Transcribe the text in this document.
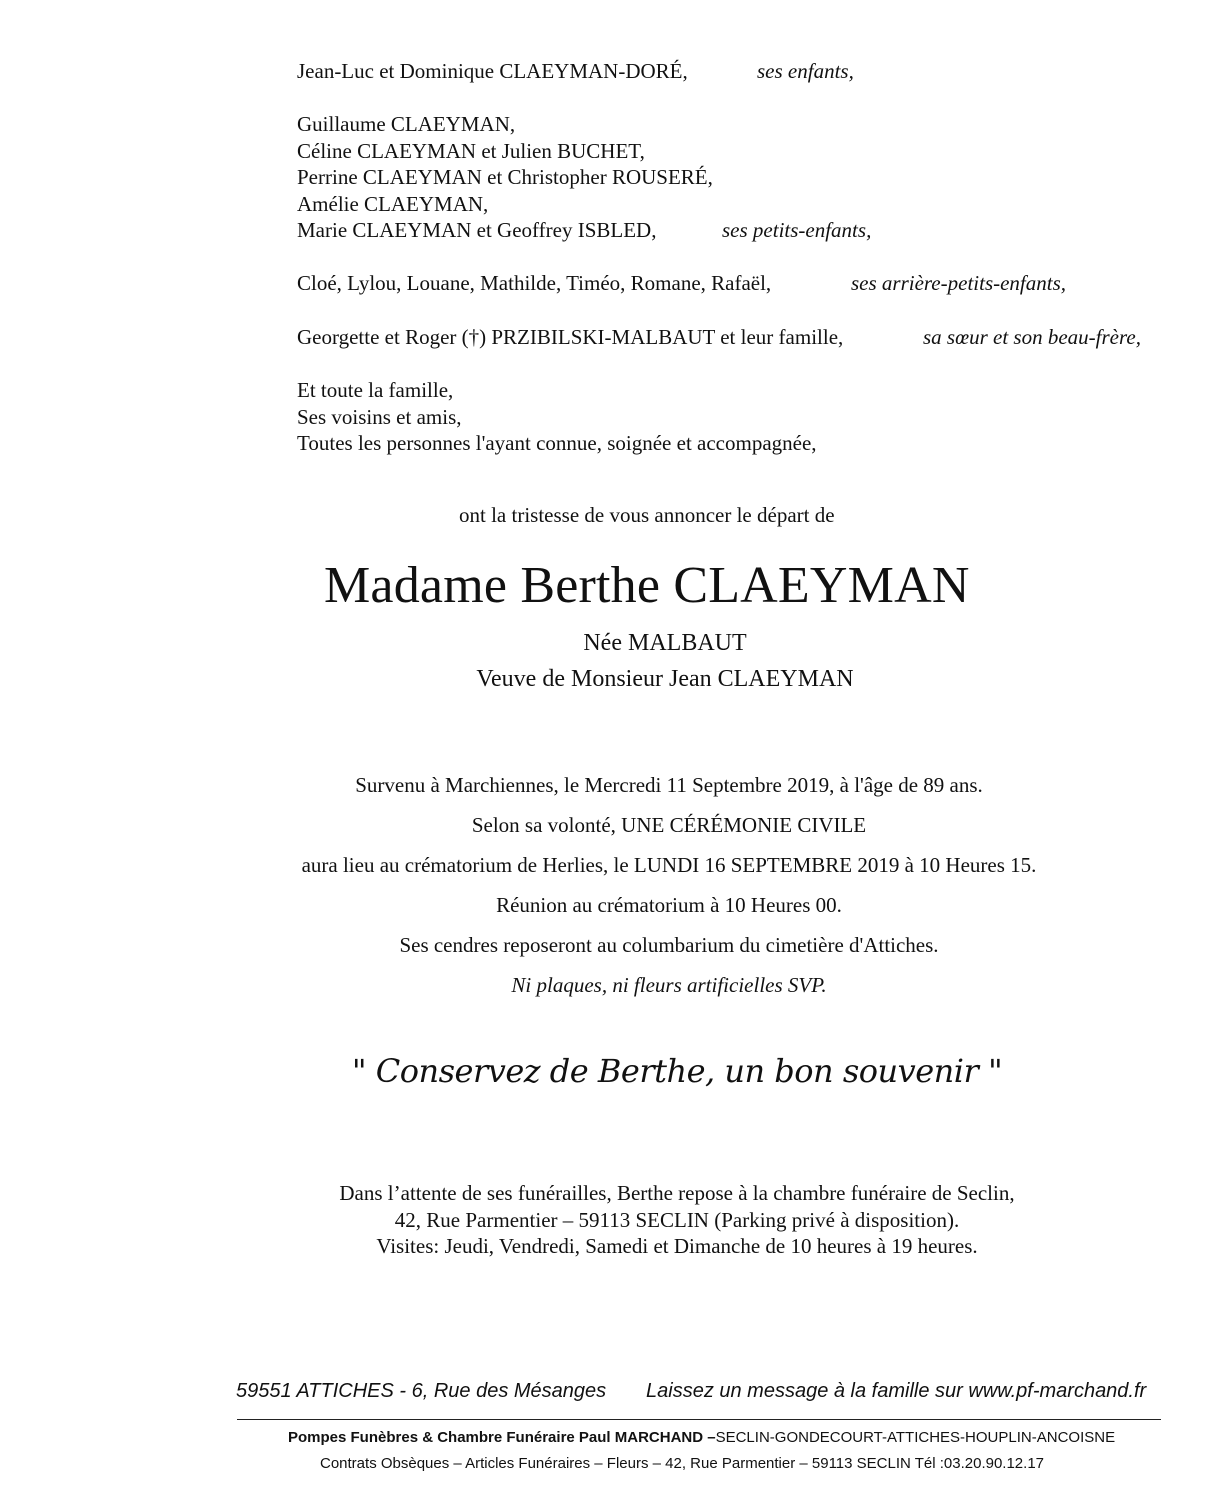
Jean-Luc et Dominique CLAEYMAN-DORÉ,	ses enfants,
Guillaume CLAEYMAN,
Céline CLAEYMAN et Julien BUCHET,
Perrine CLAEYMAN et Christopher ROUSERÉ,
Amélie CLAEYMAN,
Marie CLAEYMAN et Geoffrey ISBLED,	ses petits-enfants,
Cloé, Lylou, Louane, Mathilde, Timéo, Romane, Rafaël,	ses arrière-petits-enfants,
Georgette et Roger (†) PRZIBILSKI-MALBAUT et leur famille,	sa sœur et son beau-frère,
Et toute la famille,
Ses voisins et amis,
Toutes les personnes l'ayant connue, soignée et accompagnée,
ont la tristesse de vous annoncer le départ de
Madame Berthe CLAEYMAN
Née MALBAUT
Veuve de Monsieur Jean CLAEYMAN
Survenu à Marchiennes, le Mercredi 11 Septembre 2019, à l'âge de 89 ans.
Selon sa volonté, UNE CÉRÉMONIE CIVILE
aura lieu au crématorium de Herlies, le LUNDI 16 SEPTEMBRE 2019 à 10 Heures 15.
Réunion au crématorium à 10 Heures 00.
Ses cendres reposeront au columbarium du cimetière d'Attiches.
Ni plaques, ni fleurs artificielles SVP.
" Conservez de Berthe, un bon souvenir "
Dans l’attente de ses funérailles, Berthe repose à la chambre funéraire de Seclin,
42, Rue Parmentier – 59113 SECLIN (Parking privé à disposition).
Visites: Jeudi, Vendredi, Samedi et Dimanche de 10 heures à 19 heures.
59551 ATTICHES - 6, Rue des Mésanges Laissez un message à la famille sur www.pf-marchand.fr
Pompes Funèbres & Chambre Funéraire Paul MARCHAND –SECLIN-GONDECOURT-ATTICHES-HOUPLIN-ANCOISNE
Contrats Obsèques – Articles Funéraires – Fleurs – 42, Rue Parmentier – 59113 SECLIN Tél :03.20.90.12.17
